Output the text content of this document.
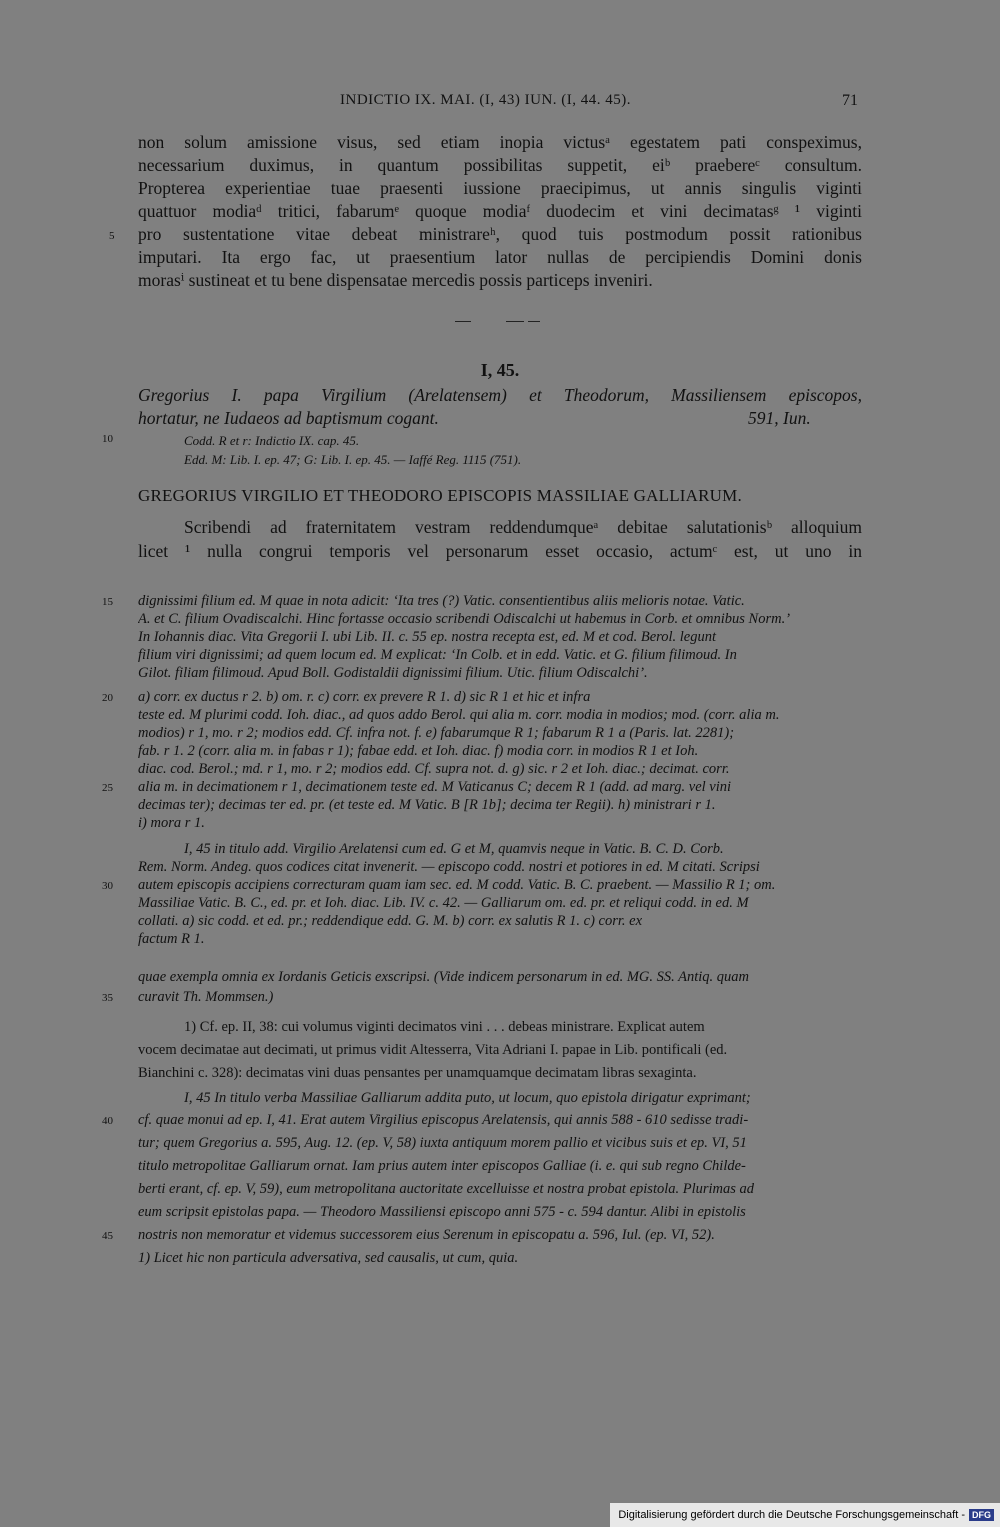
INDICTIO IX. MAI. (I, 43) IUN. (I, 44. 45).	71
non solum amissione visus, sed etiam inopia victusᵃ egestatem pati conspeximus,
necessarium duximus, in quantum possibilitas suppetit, eiᵇ praebereᶜ consultum.
Propterea experientiae tuae praesenti iussione praecipimus, ut annis singulis viginti
quattuor modiaᵈ tritici, fabarumᵉ quoque modiaᶠ duodecim et vini decimatasᵍ ¹ viginti
pro sustentatione vitae debeat ministrareʰ, quod tuis postmodum possit rationibus
imputari. Ita ergo fac, ut praesentium lator nullas de percipiendis Domini donis
morasⁱ sustineat et tu bene dispensatae mercedis possis particeps inveniri.
5
I, 45.
Gregorius I. papa Virgilium (Arelatensem) et Theodorum, Massiliensem episcopos,
hortatur, ne Iudaeos ad baptismum cogant.	591, Iun.
10	Codd. R et r: Indictio IX. cap. 45.
Edd. M: Lib. I. ep. 47; G: Lib. I. ep. 45. — Iaffé Reg. 1115 (751).
GREGORIUS VIRGILIO ET THEODORO EPISCOPIS MASSILIAE GALLIARUM.
Scribendi ad fraternitatem vestram reddendumqueᵃ debitae salutationisᵇ alloquium
licet ¹ nulla congrui temporis vel personarum esset occasio, actumᶜ est, ut uno in
15 dignissimi filium ed. M quae in nota adicit: ‘Ita tres (?) Vatic. consentientibus aliis melioris notae. Vatic.
A. et C. filium Ovadiscalchi. Hinc fortasse occasio scribendi Odiscalchi ut habemus in Corb. et omnibus Norm.’
In Iohannis diac. Vita Gregorii I. ubi Lib. II. c. 55 ep. nostra recepta est, ed. M et cod. Berol. legunt
filium viri dignissimi; ad quem locum ed. M explicat: ‘In Colb. et in edd. Vatic. et G. filium filimoud. In
Gilot. filiam filimoud. Apud Boll. Godistaldii dignissimi filium. Utic. filium Odiscalchi’.
20 a) corr. ex ductus r 2. b) om. r. c) corr. ex prevere R 1. d) sic R 1 et hic et infra
teste ed. M plurimi codd. Ioh. diac., ad quos addo Berol. qui alia m. corr. modia in modios; mod. (corr. alia m.
modios) r 1, mo. r 2; modios edd. Cf. infra not. f. e) fabarumque R 1; fabarum R 1 a (Paris. lat. 2281);
fab. r 1. 2 (corr. alia m. in fabas r 1); fabae edd. et Ioh. diac. f) modia corr. in modios R 1 et Ioh.
diac. cod. Berol.; md. r 1, mo. r 2; modios edd. Cf. supra not. d. g) sic. r 2 et Ioh. diac.; decimat. corr.
25 alia m. in decimationem r 1, decimationem teste ed. M Vaticanus C; decem R 1 (add. ad marg. vel vini
decimas ter); decimas ter ed. pr. (et teste ed. M Vatic. B [R 1b]; decima ter Regii). h) ministrari r 1.
i) mora r 1.
I, 45 in titulo add. Virgilio Arelatensi cum ed. G et M, quamvis neque in Vatic. B. C. D. Corb.
Rem. Norm. Andeg. quos codices citat invenerit. — episcopo codd. nostri et potiores in ed. M citati. Scripsi
30 autem episcopis accipiens correcturam quam iam sec. ed. M codd. Vatic. B. C. praebent. — Massilio R 1; om.
Massiliae Vatic. B. C., ed. pr. et Ioh. diac. Lib. IV. c. 42. — Galliarum om. ed. pr. et reliqui codd. in ed. M
collati. a) sic codd. et ed. pr.; reddendique edd. G. M. b) corr. ex salutis R 1. c) corr. ex
factum R 1.
quae exempla omnia ex Iordanis Geticis exscripsi. (Vide indicem personarum in ed. MG. SS. Antiq. quam
35 curavit Th. Mommsen.)
1) Cf. ep. II, 38: cui volumus viginti decimatos vini . . . debeas ministrare. Explicat autem
vocem decimatae aut decimati, ut primus vidit Altesserra, Vita Adriani I. papae in Lib. pontificali (ed.
Bianchini c. 328): decimatas vini duas pensantes per unamquamque decimatam libras sexaginta.
I, 45 In titulo verba Massiliae Galliarum addita puto, ut locum, quo epistola dirigatur exprimant;
40 cf. quae monui ad ep. I, 41. Erat autem Virgilius episcopus Arelatensis, qui annis 588 - 610 sedisse tradi-
tur; quem Gregorius a. 595, Aug. 12. (ep. V, 58) iuxta antiquum morem pallio et vicibus suis et ep. VI, 51
titulo metropolitae Galliarum ornat. Iam prius autem inter episcopos Galliae (i. e. qui sub regno Childe-
berti erant, cf. ep. V, 59), eum metropolitana auctoritate excelluisse et nostra probat epistola. Plurimas ad
eum scripsit epistolas papa. — Theodoro Massiliensi episcopo anni 575 - c. 594 dantur. Alibi in epistolis
45 nostris non memoratur et videmus successorem eius Serenum in episcopatu a. 596, Iul. (ep. VI, 52).
1) Licet hic non particula adversativa, sed causalis, ut cum, quia.
Digitalisierung gefördert durch die Deutsche Forschungsgemeinschaft - DFG
